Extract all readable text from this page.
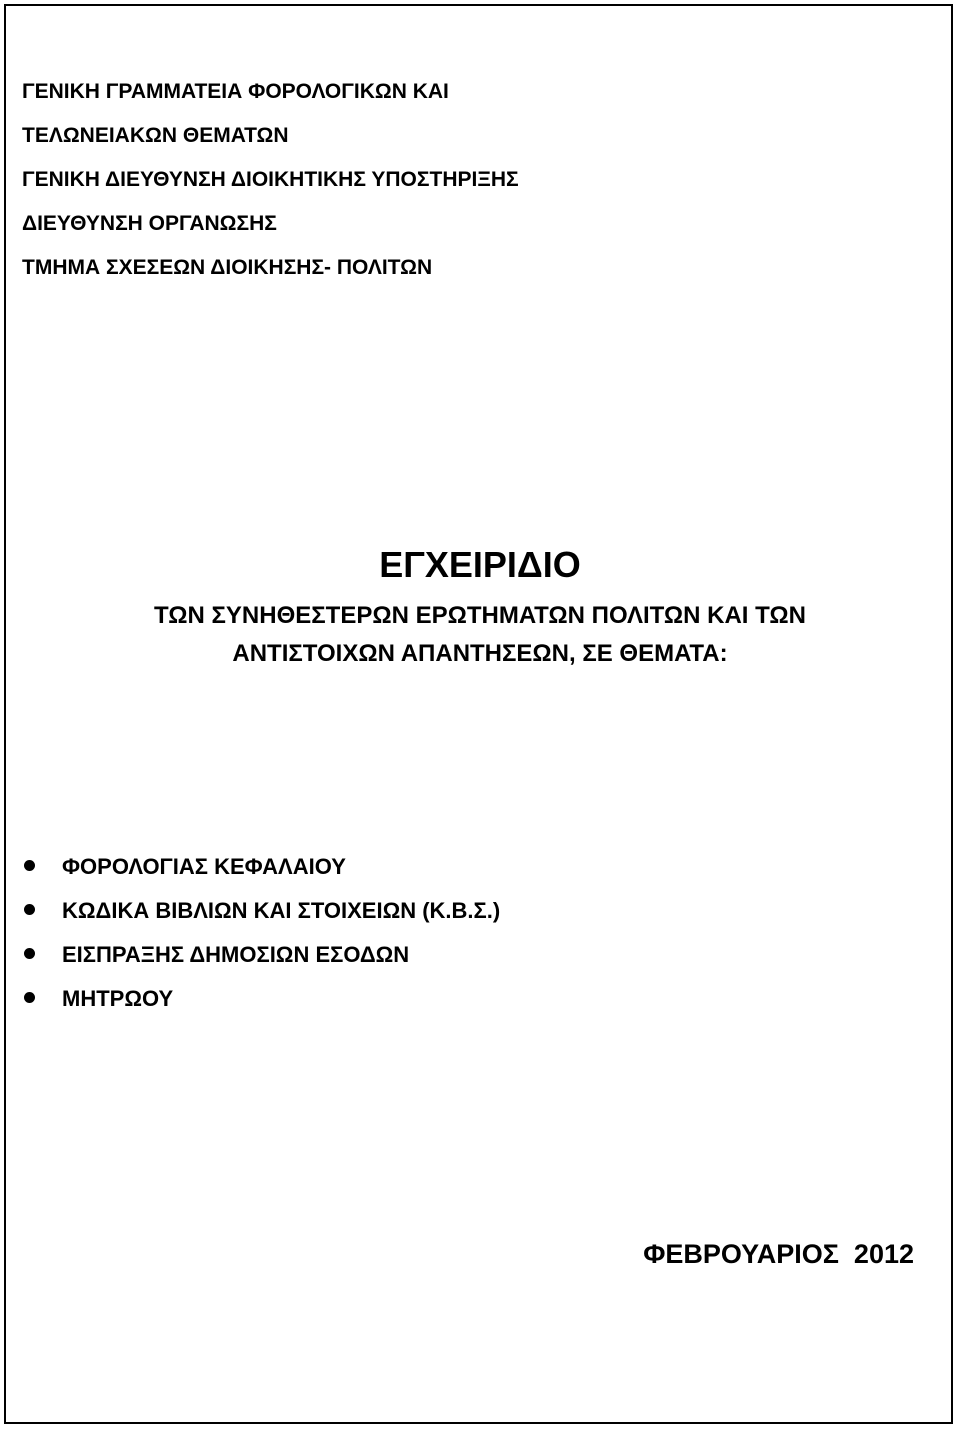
ΓΕΝΙΚΗ ΓΡΑΜΜΑΤΕΙΑ ΦΟΡΟΛΟΓΙΚΩΝ ΚΑΙ
ΤΕΛΩΝΕΙΑΚΩΝ ΘΕΜΑΤΩΝ
ΓΕΝΙΚΗ ΔΙΕΥΘΥΝΣΗ ΔΙΟΙΚΗΤΙΚΗΣ ΥΠΟΣΤΗΡΙΞΗΣ
ΔΙΕΥΘΥΝΣΗ ΟΡΓΑΝΩΣΗΣ
ΤΜΗΜΑ ΣΧΕΣΕΩΝ ΔΙΟΙΚΗΣΗΣ- ΠΟΛΙΤΩΝ
ΕΓΧΕΙΡΙΔΙΟ
ΤΩΝ ΣΥΝΗΘΕΣΤΕΡΩΝ ΕΡΩΤΗΜΑΤΩΝ ΠΟΛΙΤΩΝ ΚΑΙ ΤΩΝ
ΑΝΤΙΣΤΟΙΧΩΝ ΑΠΑΝΤΗΣΕΩΝ, ΣΕ ΘΕΜΑΤΑ:
ΦΟΡΟΛΟΓΙΑΣ ΚΕΦΑΛΑΙΟΥ
ΚΩΔΙΚΑ ΒΙΒΛΙΩΝ ΚΑΙ ΣΤΟΙΧΕΙΩΝ (Κ.Β.Σ.)
ΕΙΣΠΡΑΞΗΣ ΔΗΜΟΣΙΩΝ ΕΣΟΔΩΝ
ΜΗΤΡΩΟΥ
ΦΕΒΡΟΥΑΡΙΟΣ  2012
